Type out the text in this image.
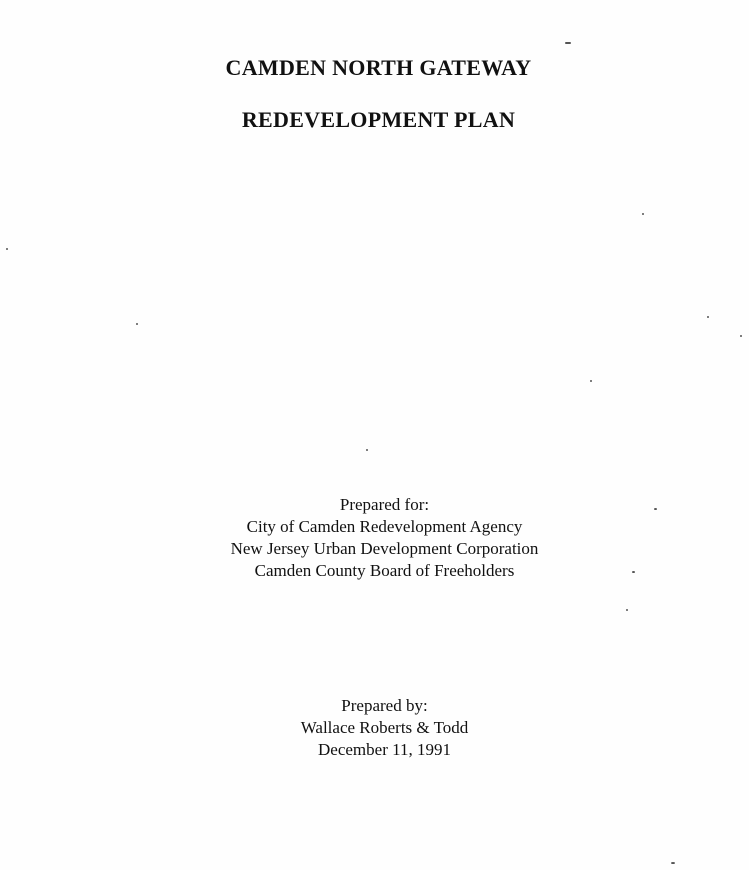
CAMDEN NORTH GATEWAY
REDEVELOPMENT PLAN
Prepared for:
City of Camden Redevelopment Agency
New Jersey Urban Development Corporation
Camden County Board of Freeholders
Prepared by:
Wallace Roberts & Todd
December 11, 1991
